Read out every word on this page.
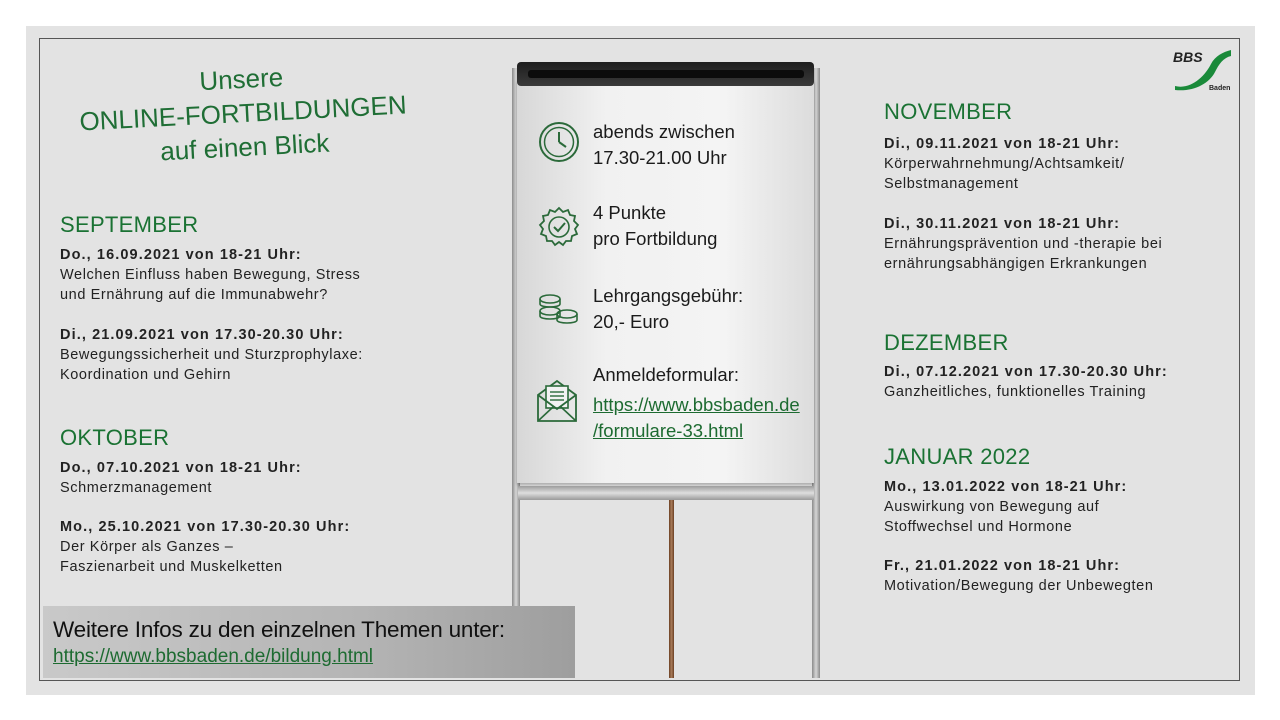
BBS
Baden
Unsere
ONLINE-FORTBILDUNGEN
auf einen Blick
SEPTEMBER
Do., 16.09.2021 von 18-21 Uhr:
Welchen Einfluss haben Bewegung, Stress
und Ernährung auf die Immunabwehr?
Di., 21.09.2021 von 17.30-20.30 Uhr:
Bewegungssicherheit und Sturzprophylaxe:
Koordination und Gehirn
OKTOBER
Do., 07.10.2021 von 18-21 Uhr:
Schmerzmanagement
Mo., 25.10.2021 von 17.30-20.30 Uhr:
Der Körper als Ganzes –
Faszienarbeit und Muskelketten
abends zwischen
17.30-21.00 Uhr
4 Punkte
pro Fortbildung
Lehrgangsgebühr:
20,- Euro
Anmeldeformular:
https://www.bbsbaden.de
/formulare-33.html
NOVEMBER
Di., 09.11.2021 von 18-21 Uhr:
Körperwahrnehmung/Achtsamkeit/
Selbstmanagement
Di., 30.11.2021 von 18-21 Uhr:
Ernährungsprävention und -therapie bei
ernährungsabhängigen Erkrankungen
DEZEMBER
Di., 07.12.2021 von 17.30-20.30 Uhr:
Ganzheitliches, funktionelles Training
JANUAR 2022
Mo., 13.01.2022 von 18-21 Uhr:
Auswirkung von Bewegung auf
Stoffwechsel und Hormone
Fr., 21.01.2022 von 18-21 Uhr:
Motivation/Bewegung der Unbewegten
Weitere Infos zu den einzelnen Themen unter:
https://www.bbsbaden.de/bildung.html
